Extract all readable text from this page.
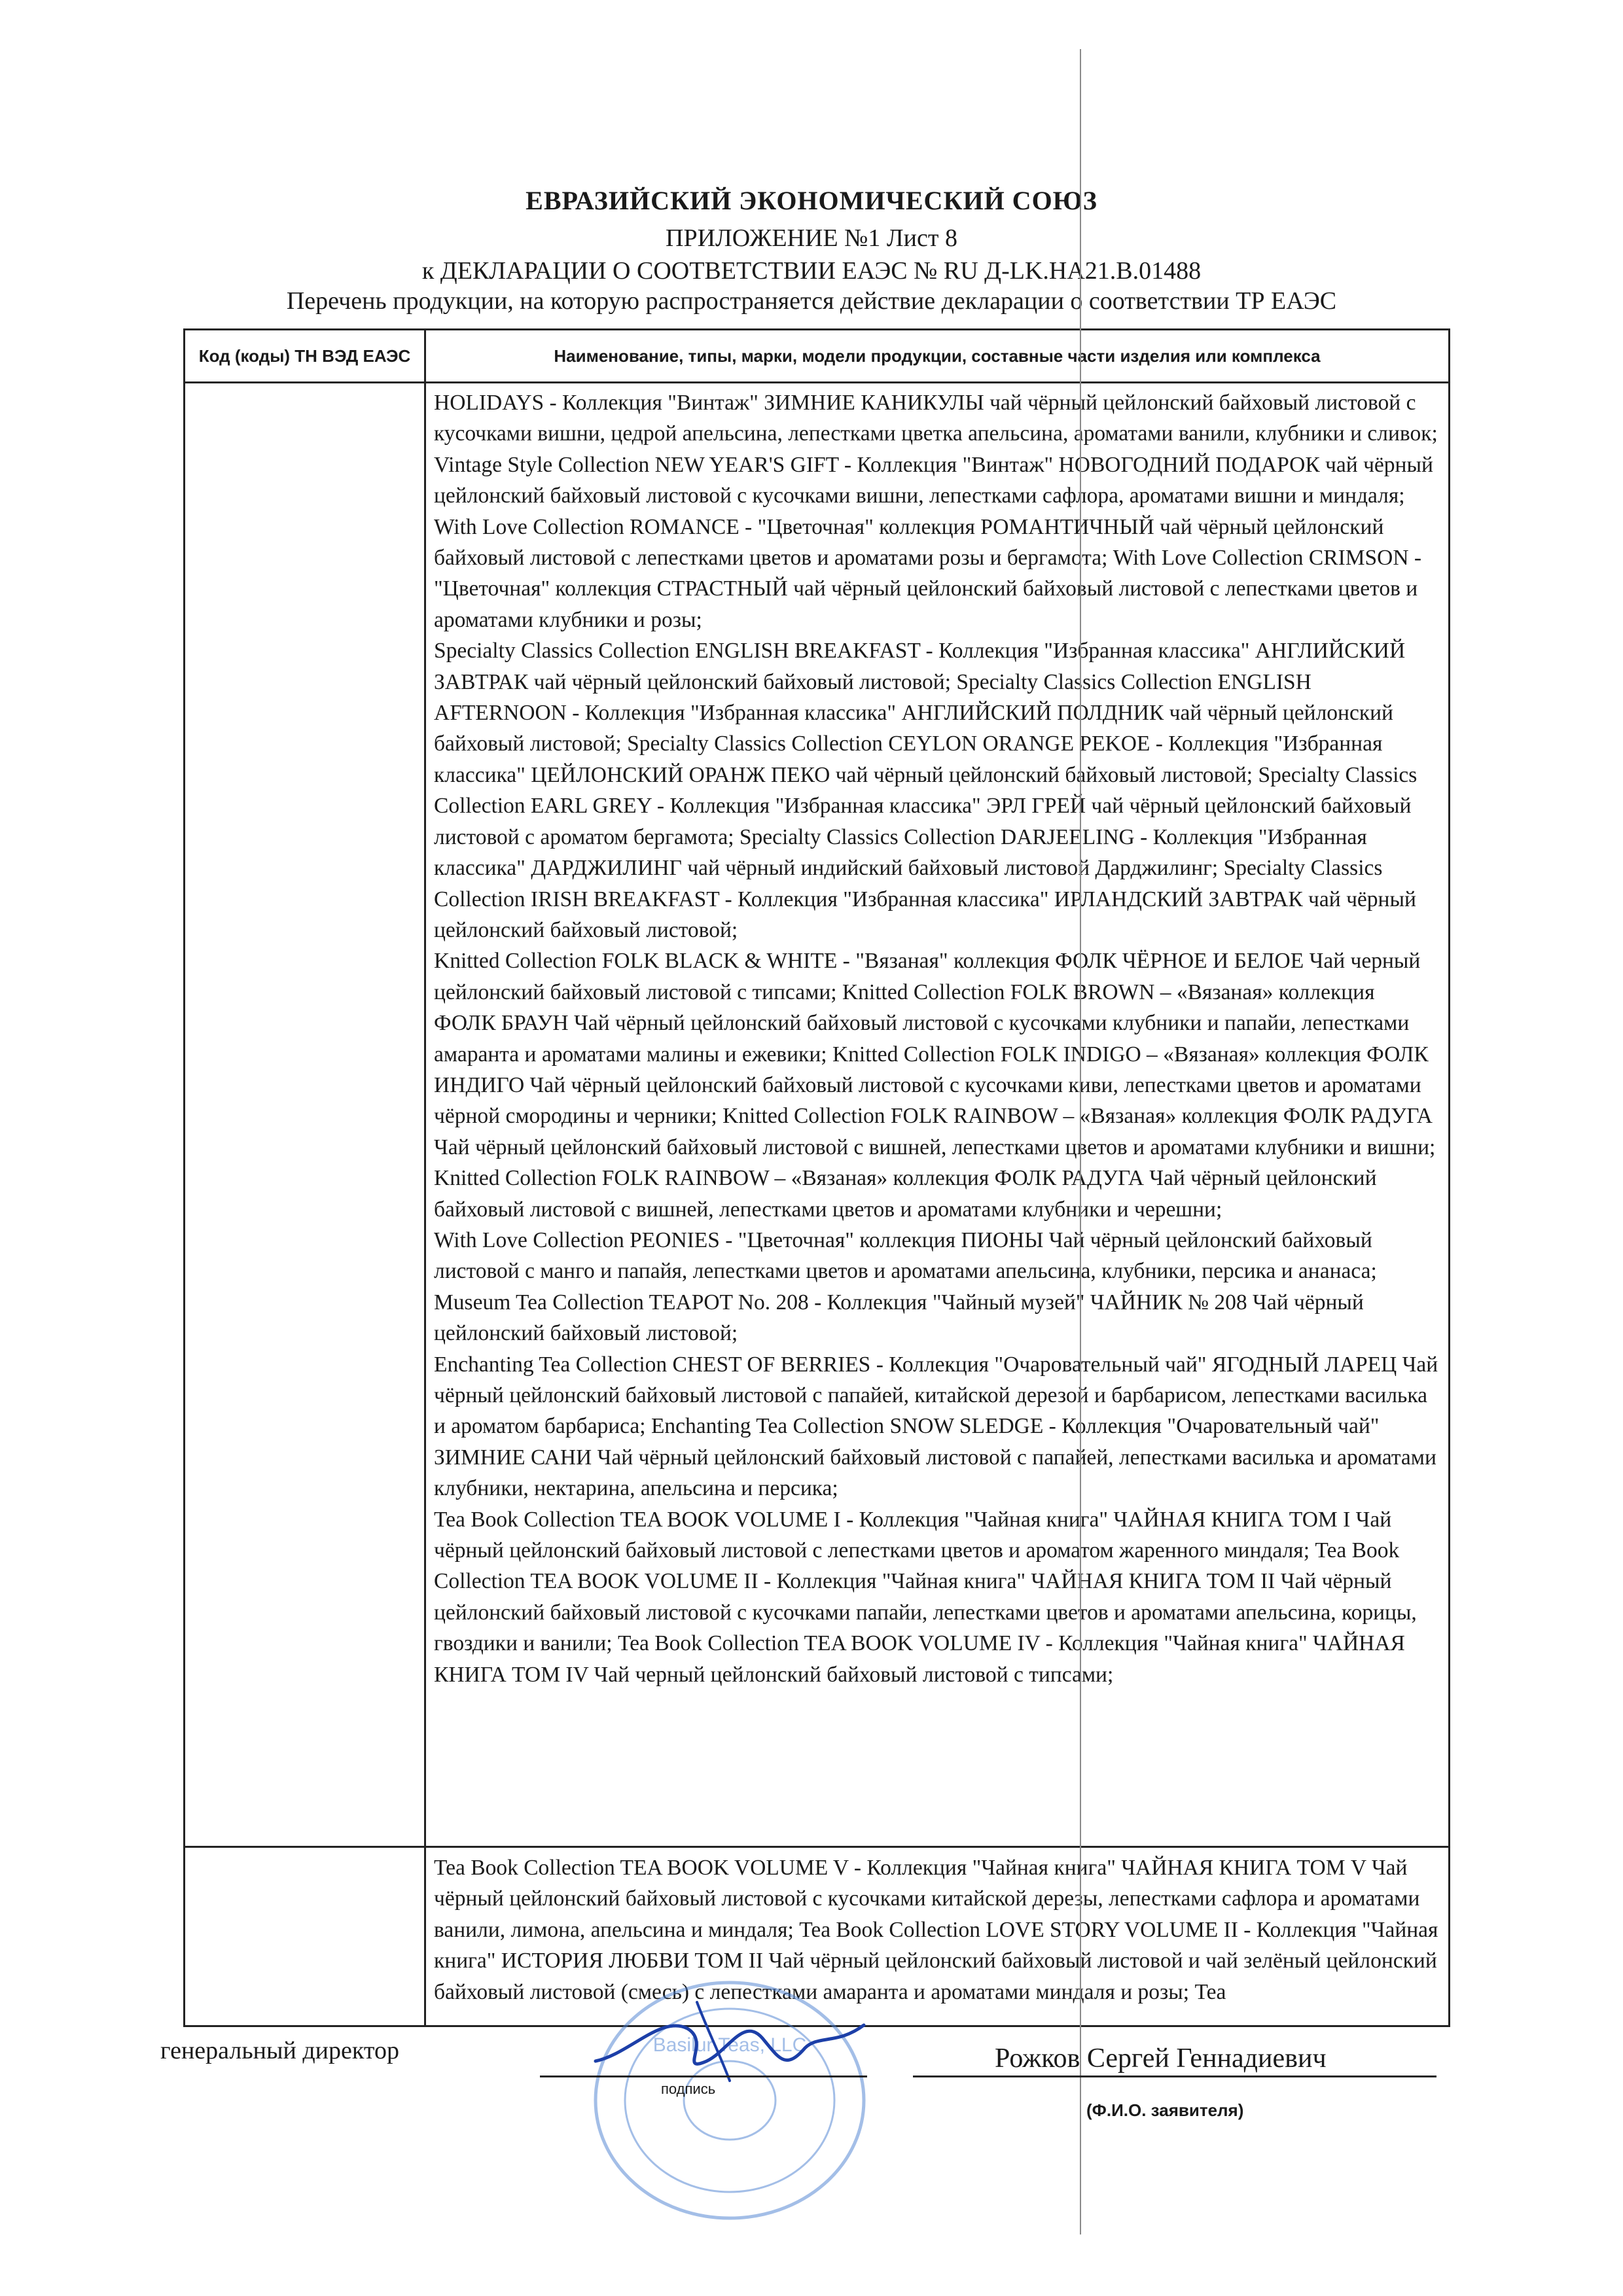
ЕВРАЗИЙСКИЙ ЭКОНОМИЧЕСКИЙ СОЮЗ
ПРИЛОЖЕНИЕ №1 Лист 8
к ДЕКЛАРАЦИИ О СООТВЕТСТВИИ ЕАЭС № RU Д-LK.НА21.В.01488
Перечень продукции, на которую распространяется действие декларации о соответствии ТР ЕАЭС
Код (коды) ТН ВЭД ЕАЭС	Наименование, типы, марки, модели продукции, составные части изделия или комплекса

HOLIDAYS - Коллекция "Винтаж" ЗИМНИЕ КАНИКУЛЫ чай чёрный цейлонский байховый листовой с кусочками вишни, цедрой апельсина, лепестками цветка апельсина, ароматами ванили, клубники и сливок; Vintage Style Collection NEW YEAR'S GIFT - Коллекция "Винтаж" НОВОГОДНИЙ ПОДАРОК чай чёрный цейлонский байховый листовой с кусочками вишни, лепестками сафлора, ароматами вишни и миндаля;

With Love Collection ROMANCE - "Цветочная" коллекция РОМАНТИЧНЫЙ чай чёрный цейлонский байховый листовой с лепестками цветов и ароматами розы и бергамота; With Love Collection CRIMSON - "Цветочная" коллекция СТРАСТНЫЙ чай чёрный цейлонский байховый листовой с лепестками цветов и ароматами клубники и розы;

Specialty Classics Collection ENGLISH BREAKFAST - Коллекция "Избранная классика" АНГЛИЙСКИЙ ЗАВТРАК чай чёрный цейлонский байховый листовой; Specialty Classics Collection ENGLISH AFTERNOON - Коллекция "Избранная классика" АНГЛИЙСКИЙ ПОЛДНИК чай чёрный цейлонский байховый листовой; Specialty Classics Collection CEYLON ORANGE PEKOE - Коллекция "Избранная классика" ЦЕЙЛОНСКИЙ ОРАНЖ ПЕКО чай чёрный цейлонский байховый листовой; Specialty Classics Collection EARL GREY - Коллекция "Избранная классика" ЭРЛ ГРЕЙ чай чёрный цейлонский байховый листовой с ароматом бергамота; Specialty Classics Collection DARJEELING - Коллекция "Избранная классика" ДАРДЖИЛИНГ чай чёрный индийский байховый листовой Дарджилинг; Specialty Classics Collection IRISH BREAKFAST - Коллекция "Избранная классика" ИРЛАНДСКИЙ ЗАВТРАК чай чёрный цейлонский байховый листовой;

Knitted Collection FOLK BLACK & WHITE - "Вязаная" коллекция ФОЛК ЧЁРНОЕ И БЕЛОЕ Чай черный цейлонский байховый листовой с типсами; Knitted Collection FOLK BROWN – «Вязаная» коллекция ФОЛК БРАУН Чай чёрный цейлонский байховый листовой с кусочками клубники и папайи, лепестками амаранта и ароматами малины и ежевики; Knitted Collection FOLK INDIGO – «Вязаная» коллекция ФОЛК ИНДИГО Чай чёрный цейлонский байховый листовой с кусочками киви, лепестками цветов и ароматами чёрной смородины и черники; Knitted Collection FOLK RAINBOW – «Вязаная» коллекция ФОЛК РАДУГА Чай чёрный цейлонский байховый листовой с вишней, лепестками цветов и ароматами клубники и вишни; Knitted Collection FOLK RAINBOW – «Вязаная» коллекция ФОЛК РАДУГА Чай чёрный цейлонский байховый листовой с вишней, лепестками цветов и ароматами клубники и черешни;

With Love Collection PEONIES - "Цветочная" коллекция ПИОНЫ Чай чёрный цейлонский байховый листовой с манго и папайя, лепестками цветов и ароматами апельсина, клубники, персика и ананаса;

Museum Tea Collection TEAPOT No. 208 - Коллекция "Чайный музей" ЧАЙНИК № 208 Чай чёрный цейлонский байховый листовой;

Enchanting Tea Collection CHEST OF BERRIES - Коллекция "Очаровательный чай" ЯГОДНЫЙ ЛАРЕЦ Чай чёрный цейлонский байховый листовой с папайей, китайской дерезой и барбарисом, лепестками василька и ароматом барбариса; Enchanting Tea Collection SNOW SLEDGE - Коллекция "Очаровательный чай" ЗИМНИЕ САНИ Чай чёрный цейлонский байховый листовой с папайей, лепестками василька и ароматами клубники, нектарина, апельсина и персика;

Tea Book Collection TEA BOOK VOLUME I - Коллекция "Чайная книга" ЧАЙНАЯ КНИГА ТОМ I Чай чёрный цейлонский байховый листовой с лепестками цветов и ароматом жаренного миндаля; Tea Book Collection TEA BOOK VOLUME II - Коллекция "Чайная книга" ЧАЙНАЯ КНИГА ТОМ II Чай чёрный цейлонский байховый листовой с кусочками папайи, лепестками цветов и ароматами апельсина, корицы, гвоздики и ванили; Tea Book Collection TEA BOOK VOLUME IV - Коллекция "Чайная книга" ЧАЙНАЯ КНИГА ТОМ IV Чай черный цейлонский байховый листовой с типсами;

Tea Book Collection TEA BOOK VOLUME V - Коллекция "Чайная книга" ЧАЙНАЯ КНИГА ТОМ V Чай чёрный цейлонский байховый листовой с кусочками китайской дерезы, лепестками сафлора и ароматами ванили, лимона, апельсина и миндаля; Tea Book Collection LOVE STORY VOLUME II - Коллекция "Чайная книга" ИСТОРИЯ ЛЮБВИ ТОМ II Чай чёрный цейлонский байховый листовой и чай зелёный цейлонский байховый листовой (смесь) с лепестками амаранта и ароматами миндаля и розы; Tea

Basilur Teas, LLC
генеральный директор
подпись
Рожков Сергей Геннадиевич
(Ф.И.О. заявителя)
